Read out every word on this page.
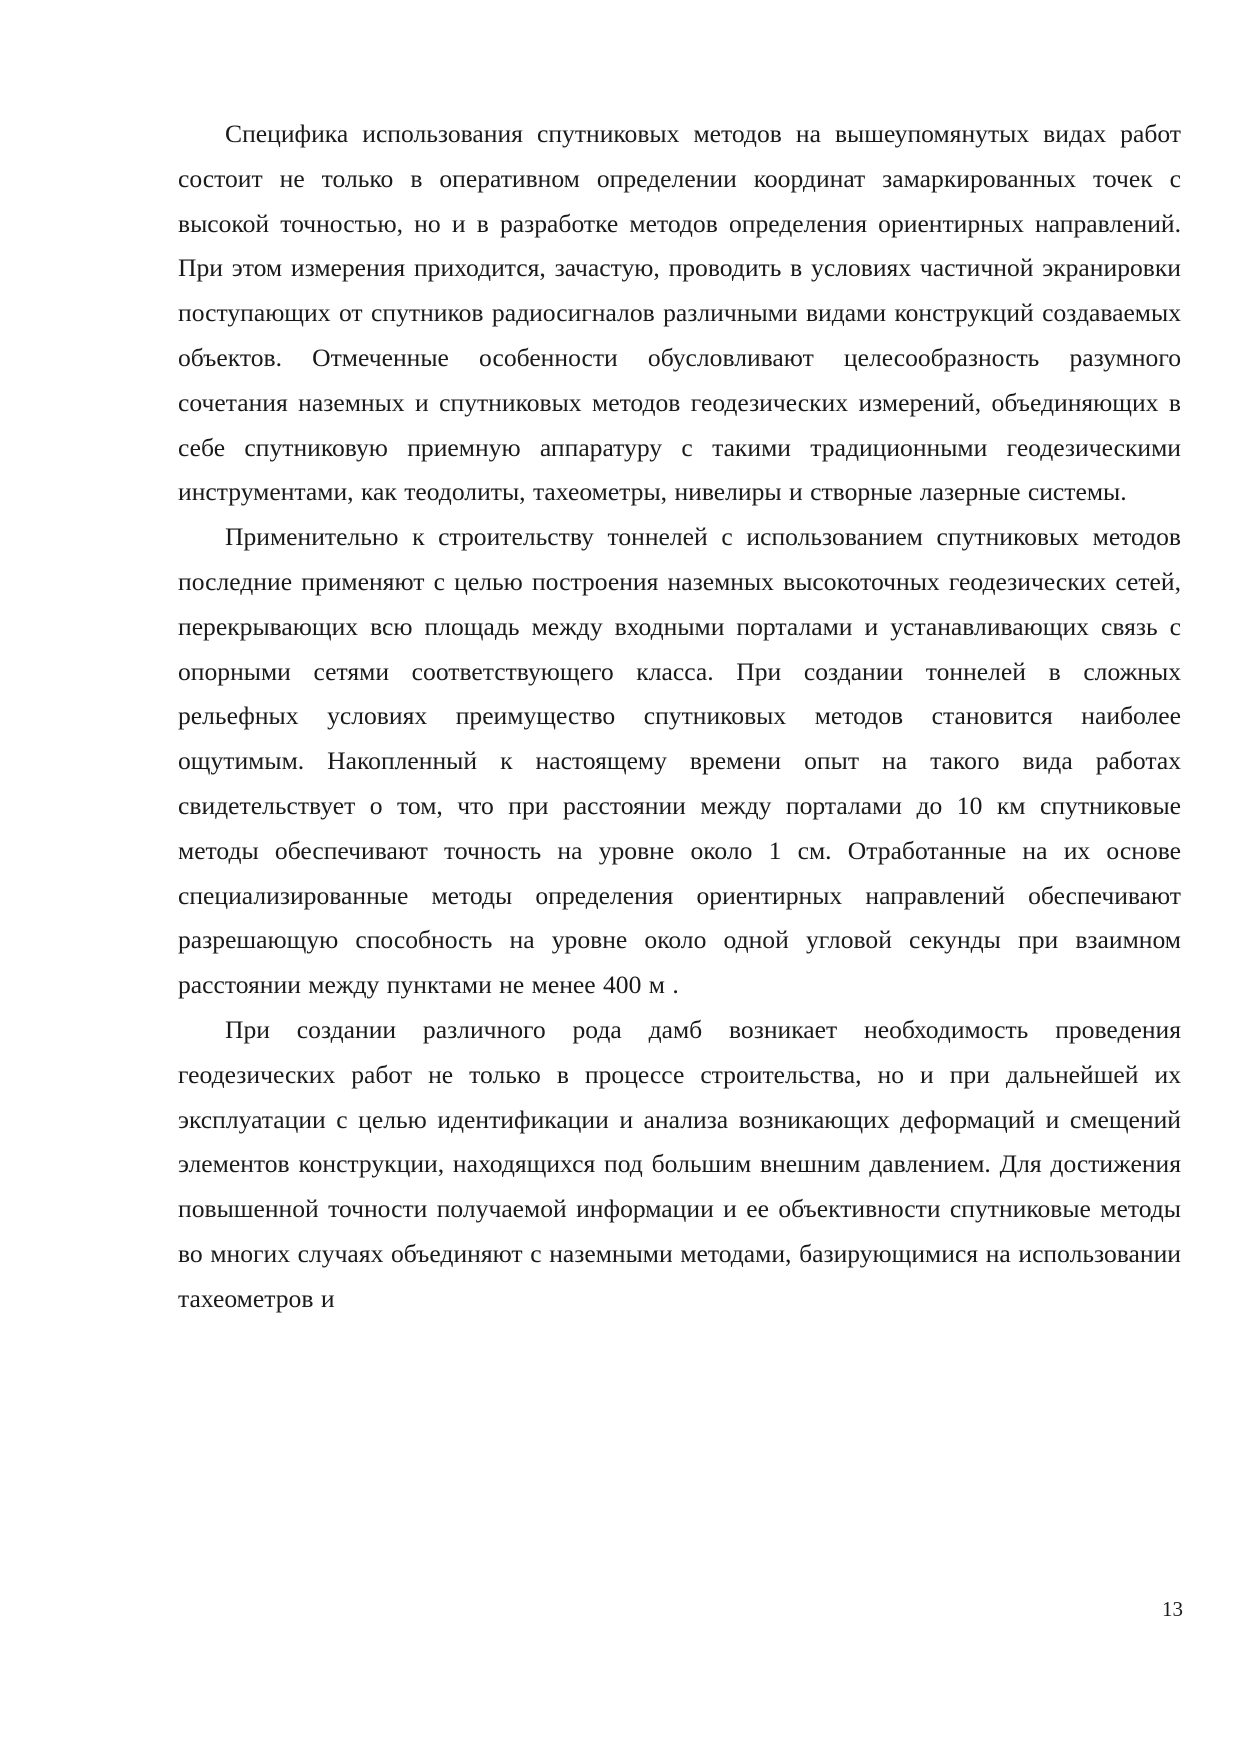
Специфика использования спутниковых методов на вышеупомянутых видах работ состоит не только в оперативном определении координат замаркированных точек с высокой точностью, но и в разработке методов определения ориентирных направлений. При этом измерения приходится, зачастую, проводить в условиях частичной экранировки поступающих от спутников радиосигналов различными видами конструкций создаваемых объектов. Отмеченные особенности обусловливают целесообразность разумного сочетания наземных и спутниковых методов геодезических измерений, объединяющих в себе спутниковую приемную аппаратуру с такими традиционными геодезическими инструментами, как теодолиты, тахеометры, нивелиры и створные лазерные системы.

Применительно к строительству тоннелей с использованием спутниковых методов последние применяют с целью построения наземных высокоточных геодезических сетей, перекрывающих всю площадь между входными порталами и устанавливающих связь с опорными сетями соответствующего класса. При создании тоннелей в сложных рельефных условиях преимущество спутниковых методов становится наиболее ощутимым. Накопленный к настоящему времени опыт на такого вида работах свидетельствует о том, что при расстоянии между порталами до 10 км спутниковые методы обеспечивают точность на уровне около 1 см. Отработанные на их основе специализированные методы определения ориентирных направлений обеспечивают разрешающую способность на уровне около одной угловой секунды при взаимном расстоянии между пунктами не менее 400 м .

При создании различного рода дамб возникает необходимость проведения геодезических работ не только в процессе строительства, но и при дальнейшей их эксплуатации с целью идентификации и анализа возникающих деформаций и смещений элементов конструкции, находящихся под большим внешним давлением. Для достижения повышенной точности получаемой информации и ее объективности спутниковые методы во многих случаях объединяют с наземными методами, базирующимися на использовании тахеометров и

13
